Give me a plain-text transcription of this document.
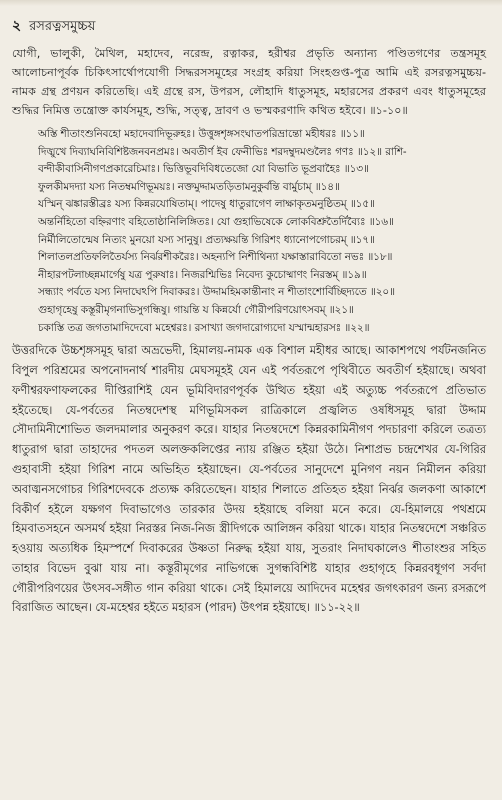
২ রসরত্নসমুচ্চয়

যোগী, ভালুকী, মৈথিল, মহাদেব, নরেন্দ্র, রত্নাকর, হরীশ্বর প্রভৃতি অন্যান্য পণ্ডিতগণের তন্ত্রসমূহ আলোচনাপূর্বক চিকিৎসার্থোপযোগী সিদ্ধরসসমূহের সংগ্রহ করিয়া সিংহগুপ্ত-পুত্র আমি এই রসরত্নসমুচ্চয়-নামক গ্রন্থ প্রণয়ন করিতেছি। এই গ্রন্থে রস, উপরস, লৌহাদি ধাতুসমূহ, মহারসের প্রকরণ এবং ধাতুসমূহের শুদ্ধির নিমিত্ত তন্ত্রোক্ত কার্যসমূহ, শুদ্ধি, সত্ত্ব, দ্রাবণ ও ভস্মকরণাদি কথিত হইবে। ॥১-১০॥

অস্তি শীতাংশুনিবহো মহাদেবাদিভূরুহঃ। উত্তুঙ্গশৃঙ্গসংঘাতপরিভ্রান্তো মহীধরঃ ॥১১॥
দিঙ্মুখে দিব্যাঘনিবিশিষ্টজনবনপ্রমঃ। অবতীর্ণ ইব ফেনীভিঃ শরদম্বুদমণ্ডলৈঃ গণঃ ॥১২॥ রাশি-
বন্দীকীবাসিনীগণপ্রকারেচিমাঃ। ভিত্তিভূবদিবিধতেজো যো বিভাতি ভূপ্রবাহৈঃ ॥১৩॥
ফুলকীমদদ্যা যস্য নিতম্বমণিভূময়ঃ। নক্তমুদ্দামতড়িতামনুকুর্বন্তি বার্মুচাম্ ॥১৪॥
যস্মিন্ ঝঙ্কারস্তীব্রঃ যস্য কিন্নরযোষিতাম্। পাদেষু ধাতুরাগেণ লাক্ষাকৃতমনুষ্ঠিতম্ ॥১৫॥
অন্তর্নিহিতো বহ্নিরণাং বহিতোষ্ঠানিলিঙ্গিতঃ। যো গুহাভিষেকে লোকবিশ্রুতৈর্দিব্যৈঃ ॥১৬॥
নির্মীলিতোন্মেষ নিত্যং মুনয়ো যস্য সানুষু। প্রত্যক্ষয়ন্তি গিরিশং ধ্যানোপগোচরম্ ॥১৭॥
শিলাতলপ্রতিফলিতৈর্যস্য নির্ঝরশীকরৈঃ। অহন্যপি নিশীথিন্যা যক্ষাস্তারাবিতো নভঃ ॥১৮॥
নীহারপটলাচ্ছন্নমার্গেষু যত্র পুরুষাঃ। নিজরশ্মিভিঃ নিবেদ্য কুচোষ্মাণং নিরস্তম্ ॥১৯॥
সন্ধ্যাং পর্বতে যস্য নিদাঘেঽপি দিবাকরঃ। উদ্দামহিমকান্তীনাং ন শীতাংশোর্বিচ্ছিদ্যতে ॥২০॥
গুহাগৃহেষু কস্তূরীমৃগনাভিসুগন্ধিষু। গায়ন্তি য কিন্নর্যো গৌরীপরিণয়োৎসবম্ ॥২১॥
চকাস্তি তত্র জগতামাদিদেবো মহেশ্বরঃ। রসাখ্যা জগদারোগ্যদো যস্মান্মহারসঃ ॥২২॥

উত্তরদিকে উচ্চশৃঙ্গসমূহ দ্বারা অভ্রভেদী, হিমালয়-নামক এক বিশাল মহীধর আছে। আকাশপথে পর্যটনজনিত বিপুল পরিশ্রমের অপনোদনার্থ শারদীয় মেঘসমূহই যেন এই পর্বতরূপে পৃথিবীতে অবতীর্ণ হইয়াছে। অথবা ফণীশ্বরফণাফলকের দীপ্তিরাশিই যেন ভূমিবিদারণপূর্বক উত্থিত হইয়া এই অত্যুচ্চ পর্বতরূপে প্রতিভাত হইতেছে। যে-পর্বতের নিতম্বদেশস্থ মণিভূমিসকল রাত্রিকালে প্রজ্বলিত ওষধিসমূহ দ্বারা উদ্দাম সৌদামিনীশোভিত জলদমালার অনুকরণ করে। যাহার নিতম্বদেশে কিন্নরকামিনীগণ পদচারণা করিলে তত্রত্য ধাতুরাগ দ্বারা তাহাদের পদতল অলক্তকলিপ্তের ন্যায় রঞ্জিত হইয়া উঠে। নিশাপ্রভ চন্দ্রশেখর যে-গিরির গুহাবাসী হইয়া গিরিশ নামে অভিহিত হইয়াছেন। যে-পর্বতের সানুদেশে মুনিগণ নয়ন নিমীলন করিয়া অবাঙ্মনসগোচর গিরিশদেবকে প্রত্যক্ষ করিতেছেন। যাহার শিলাতে প্রতিহত হইয়া নির্ঝর জলকণা আকাশে বিকীর্ণ হইলে যক্ষগণ দিবাভাগেও তারকার উদয় হইয়াছে বলিয়া মনে করে। যে-হিমালয়ে পথশ্রমে হিমবাতসহনে অসমর্থ হইয়া নিরস্তর নিজ-নিজ স্ত্রীদিগকে আলিঙ্গন করিয়া থাকে। যাহার নিতম্বদেশে সঞ্চরিত হওয়ায় অত্যধিক হিমস্পর্শে দিবাকরের উষ্ণতা নিরুদ্ধ হইয়া যায়, সুতরাং নিদাঘকালেও শীতাংশুর সহিত তাহার বিভেদ বুঝা যায় না। কস্তূরীমৃগের নাভিগন্ধে সুগন্ধবিশিষ্ট যাহার গুহাগৃহে কিন্নরবধূগণ সর্বদা গৌরীপরিণয়ের উৎসব-সঙ্গীত গান করিয়া থাকে। সেই হিমালয়ে আদিদেব মহেশ্বর জগৎকারণ জন্য রসরূপে বিরাজিত আছেন। যে-মহেশ্বর হইতে মহারস (পারদ) উৎপন্ন হইয়াছে। ॥১১-২২॥
